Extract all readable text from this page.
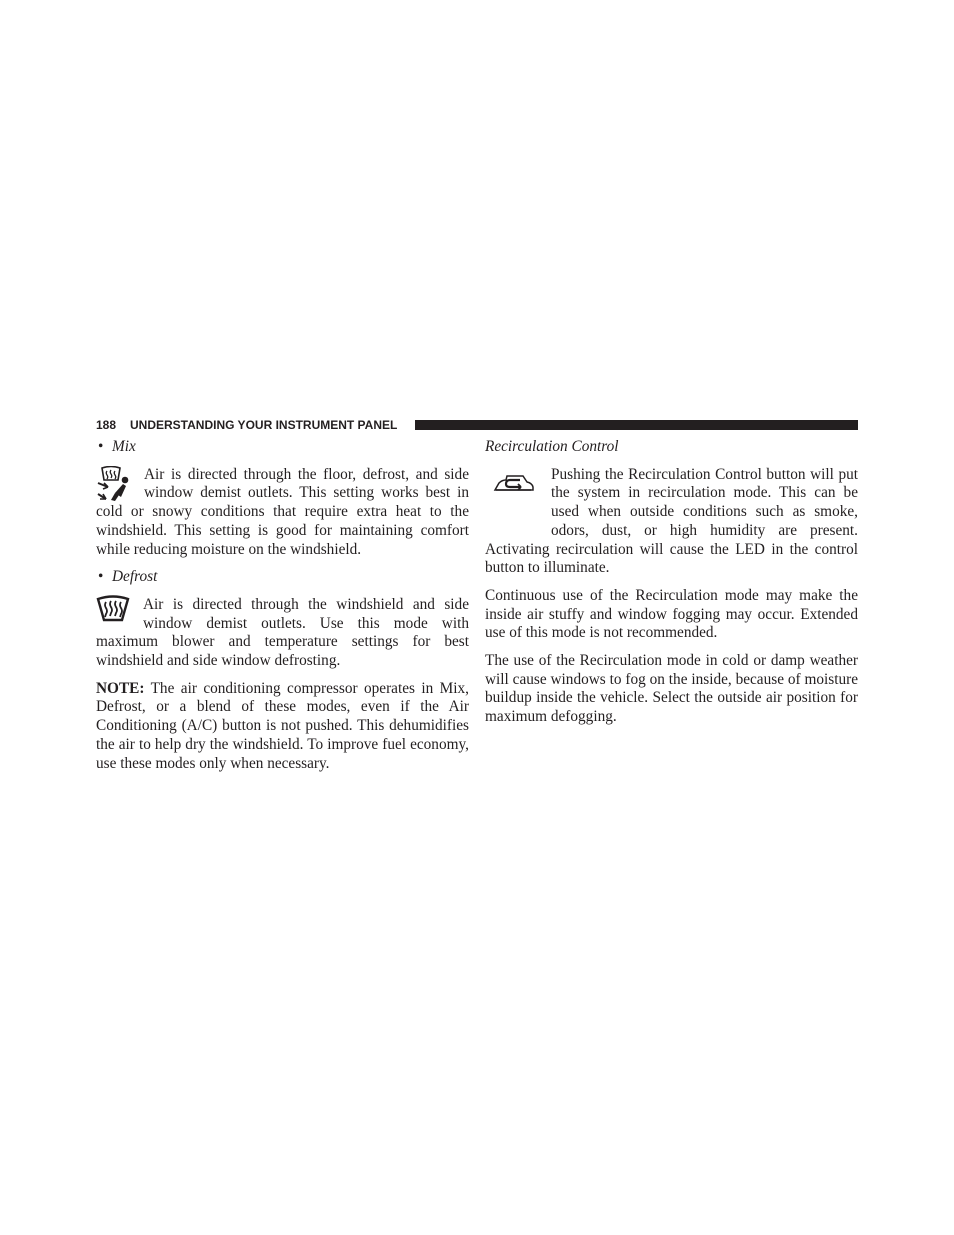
188 UNDERSTANDING YOUR INSTRUMENT PANEL
• Mix

Air is directed through the floor, defrost, and side window demist outlets. This setting works best in cold or snowy conditions that require extra heat to the windshield. This setting is good for maintaining comfort while reducing moisture on the windshield.

• Defrost

Air is directed through the windshield and side window demist outlets. Use this mode with maximum blower and temperature settings for best windshield and side window defrosting.

NOTE: The air conditioning compressor operates in Mix, Defrost, or a blend of these modes, even if the Air Conditioning (A/C) button is not pushed. This dehumidifies the air to help dry the windshield. To improve fuel economy, use these modes only when necessary.

Recirculation Control

Pushing the Recirculation Control button will put the system in recirculation mode. This can be used when outside conditions such as smoke, odors, dust, or high humidity are present. Activating recirculation will cause the LED in the control button to illuminate.

Continuous use of the Recirculation mode may make the inside air stuffy and window fogging may occur. Extended use of this mode is not recommended.

The use of the Recirculation mode in cold or damp weather will cause windows to fog on the inside, because of moisture buildup inside the vehicle. Select the outside air position for maximum defogging.
